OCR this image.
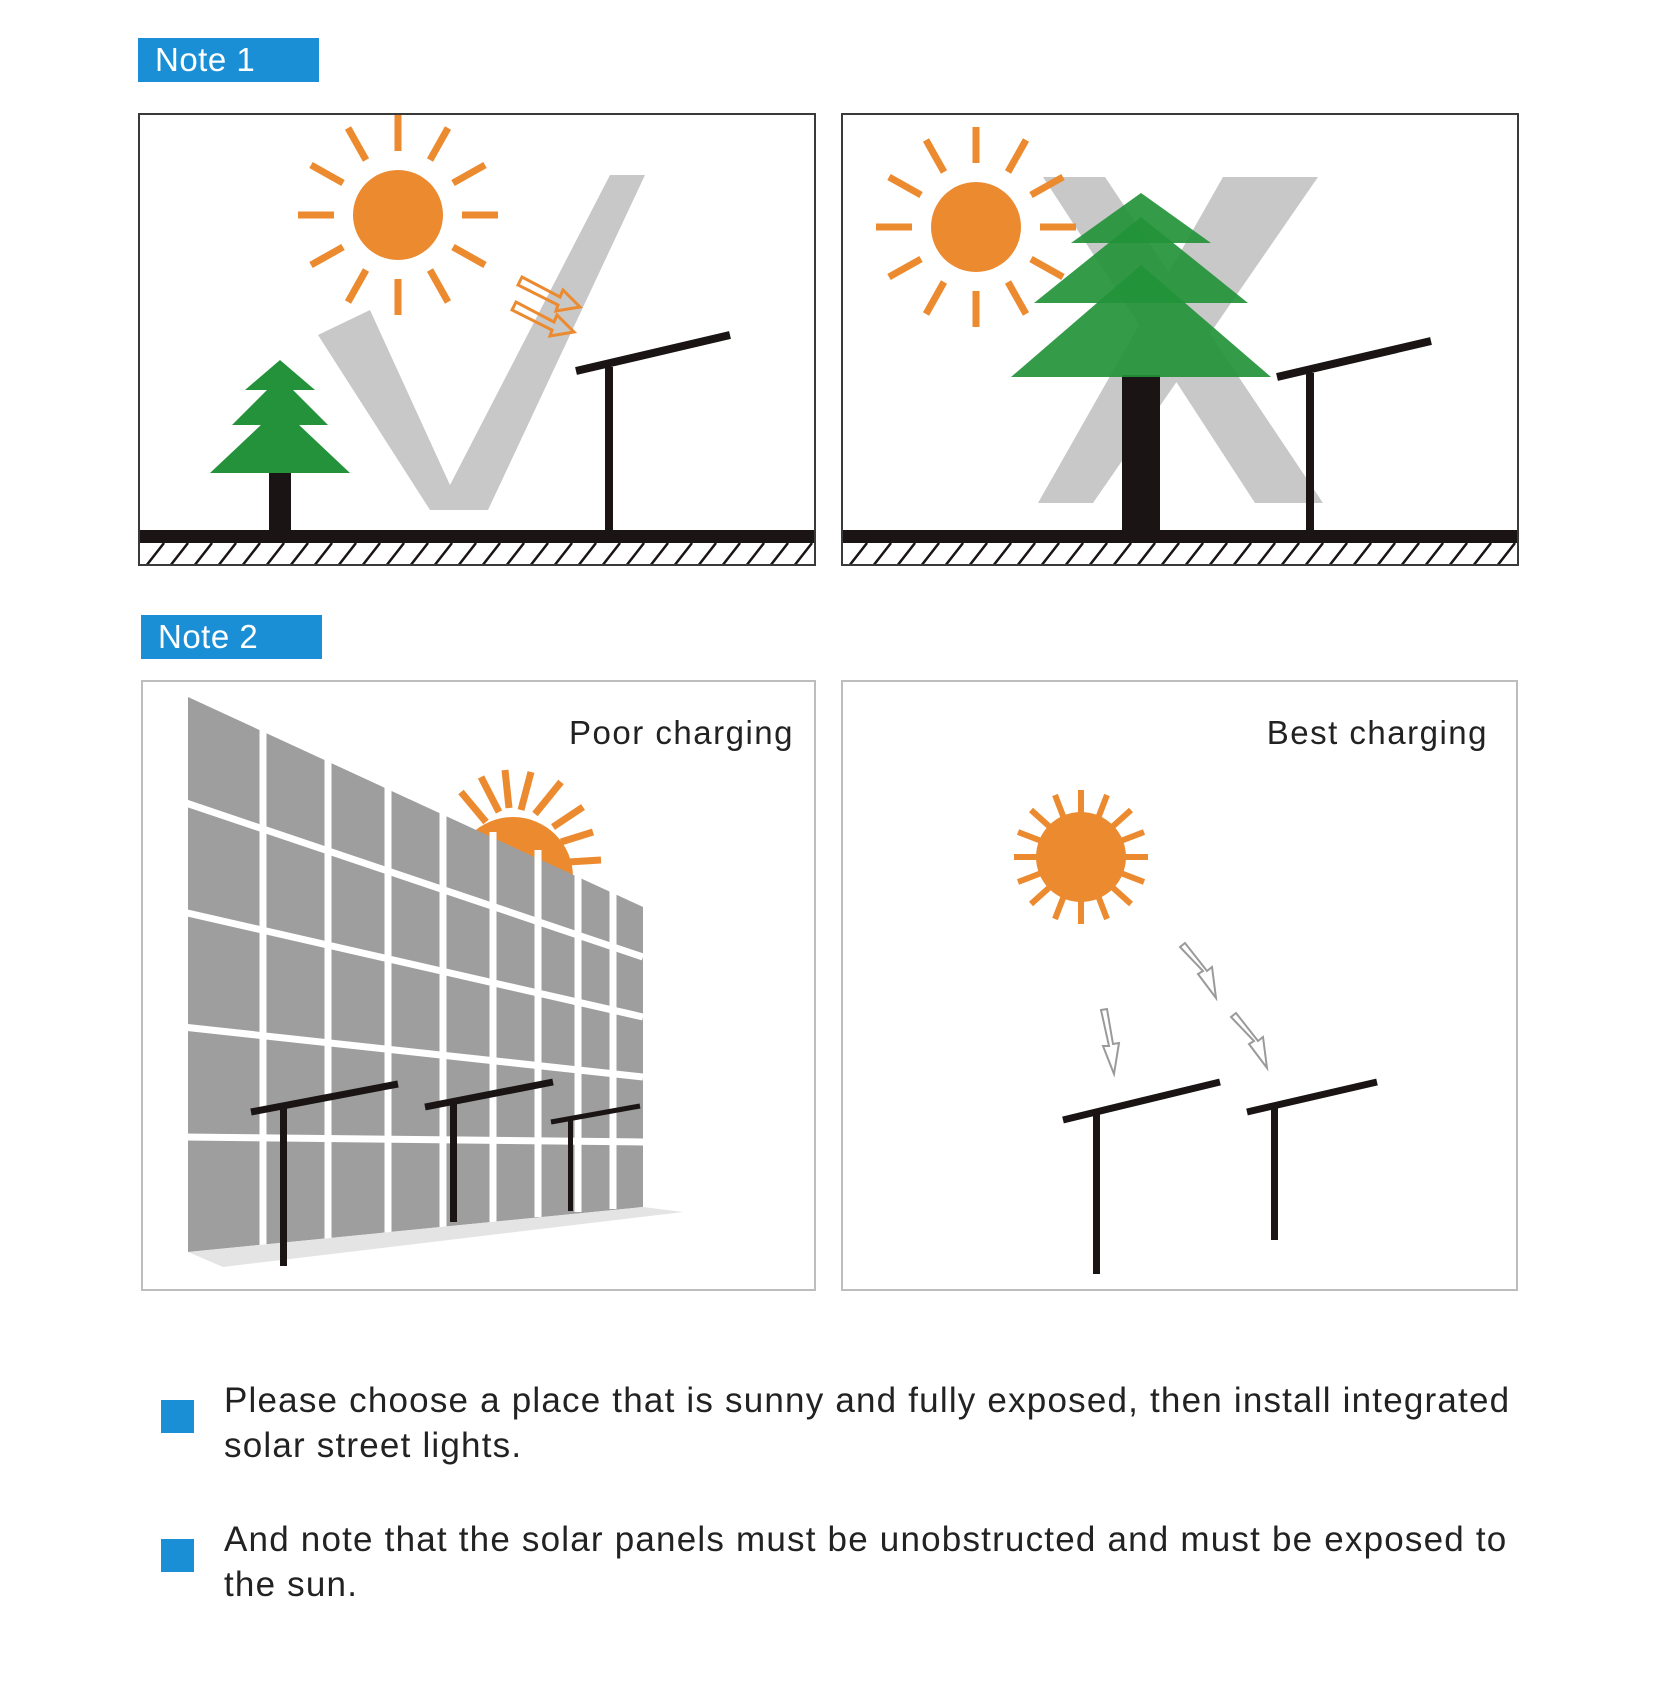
Note 1
Note 2
Poor charging	Best charging
Please choose a place that is sunny and fully exposed, then install integrated solar street lights.
And note that the solar panels must be unobstructed and must be exposed to the sun.
